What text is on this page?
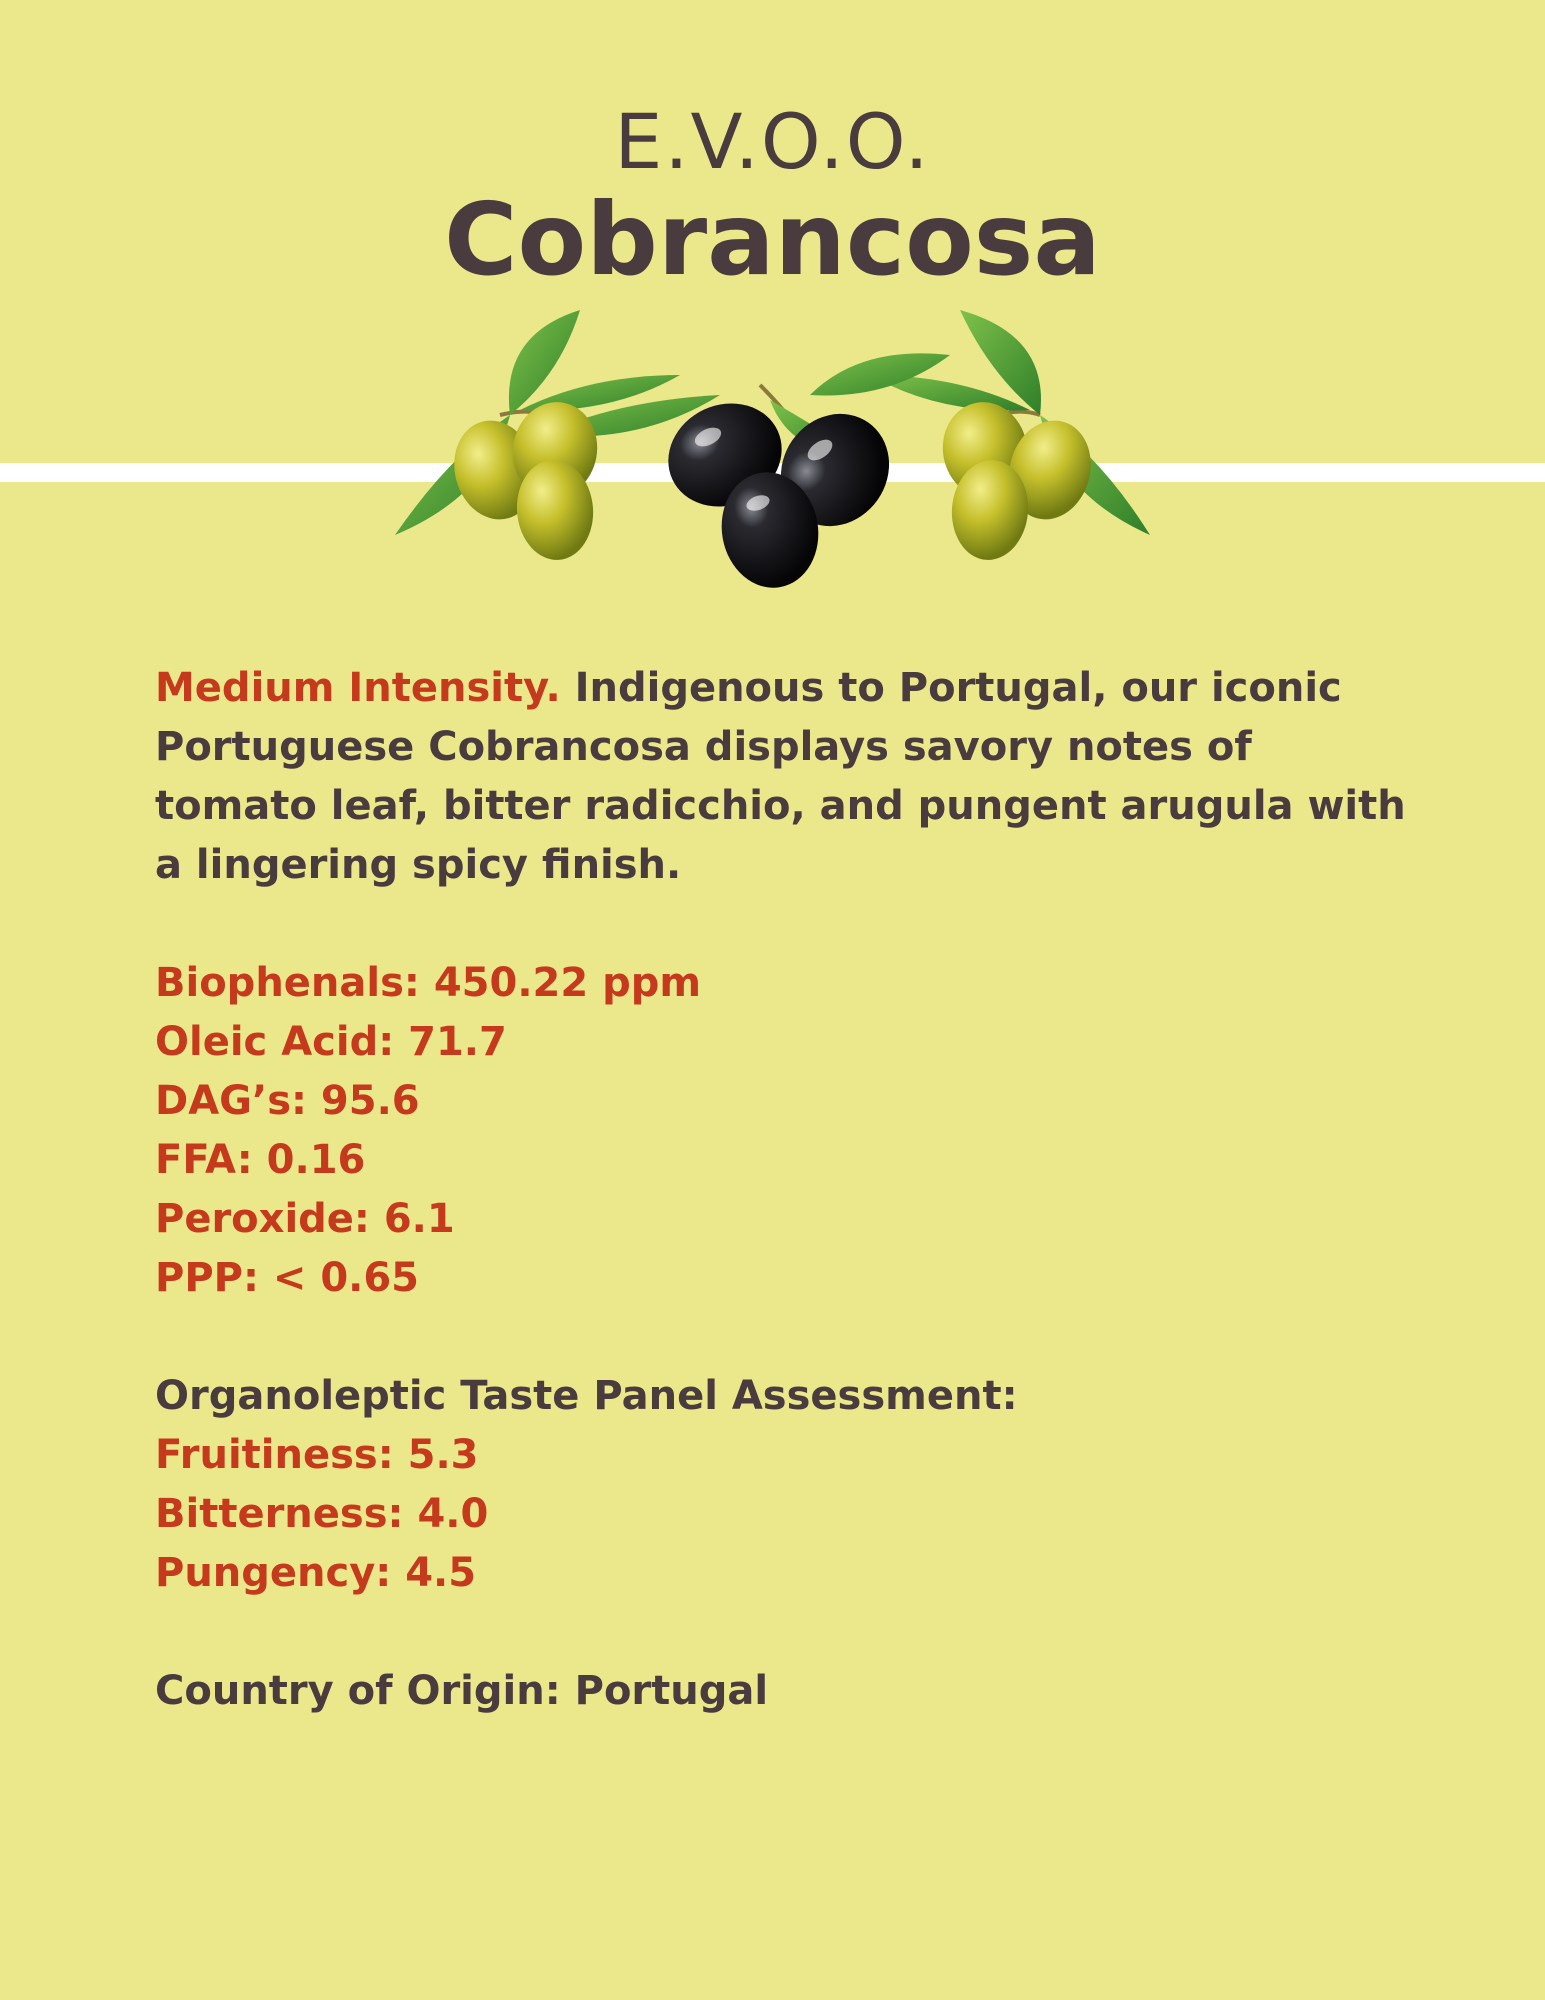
E.V.O.O.
Cobrancosa

Medium Intensity. Indigenous to Portugal, our iconic Portuguese Cobrancosa displays savory notes of tomato leaf, bitter radicchio, and pungent arugula with a lingering spicy finish.

Biophenals: 450.22 ppm
Oleic Acid: 71.7
DAG’s: 95.6
FFA: 0.16
Peroxide: 6.1
PPP: < 0.65
Organoleptic Taste Panel Assessment:
Fruitiness: 5.3
Bitterness: 4.0
Pungency: 4.5
Country of Origin: Portugal
